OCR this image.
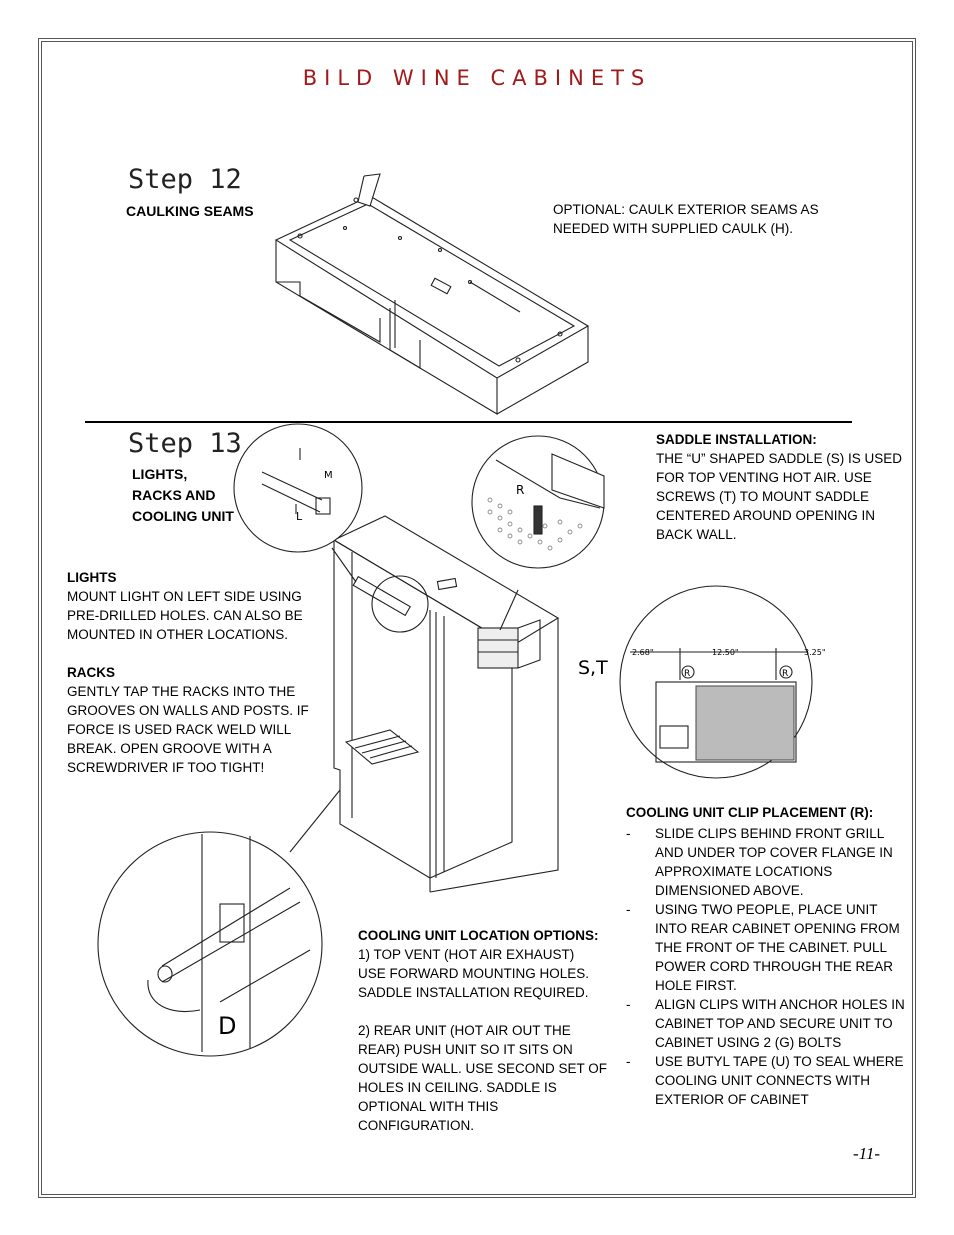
BILD WINE CABINETS
Step 12
CAULKING SEAMS	OPTIONAL: CAULK EXTERIOR SEAMS AS
NEEDED WITH SUPPLIED CAULK (H).
M
L
R
S,T
D
2.68"	12.50"	3.25"
R	R
Step 13
LIGHTS,
RACKS AND
COOLING UNIT
LIGHTS
MOUNT LIGHT ON LEFT SIDE USING
PRE-DRILLED HOLES. CAN ALSO BE
MOUNTED IN OTHER LOCATIONS.
RACKS
GENTLY TAP THE RACKS INTO THE
GROOVES ON WALLS AND POSTS. IF
FORCE IS USED RACK WELD WILL
BREAK. OPEN GROOVE WITH A
SCREWDRIVER IF TOO TIGHT!
SADDLE INSTALLATION:
THE “U” SHAPED SADDLE (S) IS USED
FOR TOP VENTING HOT AIR. USE
SCREWS (T) TO MOUNT SADDLE
CENTERED AROUND OPENING IN
BACK WALL.
COOLING UNIT LOCATION OPTIONS:
1) TOP VENT (HOT AIR EXHAUST)
USE FORWARD MOUNTING HOLES.
SADDLE INSTALLATION REQUIRED.

2) REAR UNIT (HOT AIR OUT THE
REAR) PUSH UNIT SO IT SITS ON
OUTSIDE WALL. USE SECOND SET OF
HOLES IN CEILING. SADDLE IS
OPTIONAL WITH THIS
CONFIGURATION.
COOLING UNIT CLIP PLACEMENT (R):
- SLIDE CLIPS BEHIND FRONT GRILL AND UNDER TOP COVER FLANGE IN APPROXIMATE LOCATIONS DIMENSIONED ABOVE.
- USING TWO PEOPLE, PLACE UNIT INTO REAR CABINET OPENING FROM THE FRONT OF THE CABINET. PULL POWER CORD THROUGH THE REAR HOLE FIRST.
- ALIGN CLIPS WITH ANCHOR HOLES IN CABINET TOP AND SECURE UNIT TO CABINET USING 2 (G) BOLTS
- USE BUTYL TAPE (U) TO SEAL WHERE COOLING UNIT CONNECTS WITH EXTERIOR OF CABINET
-11-
